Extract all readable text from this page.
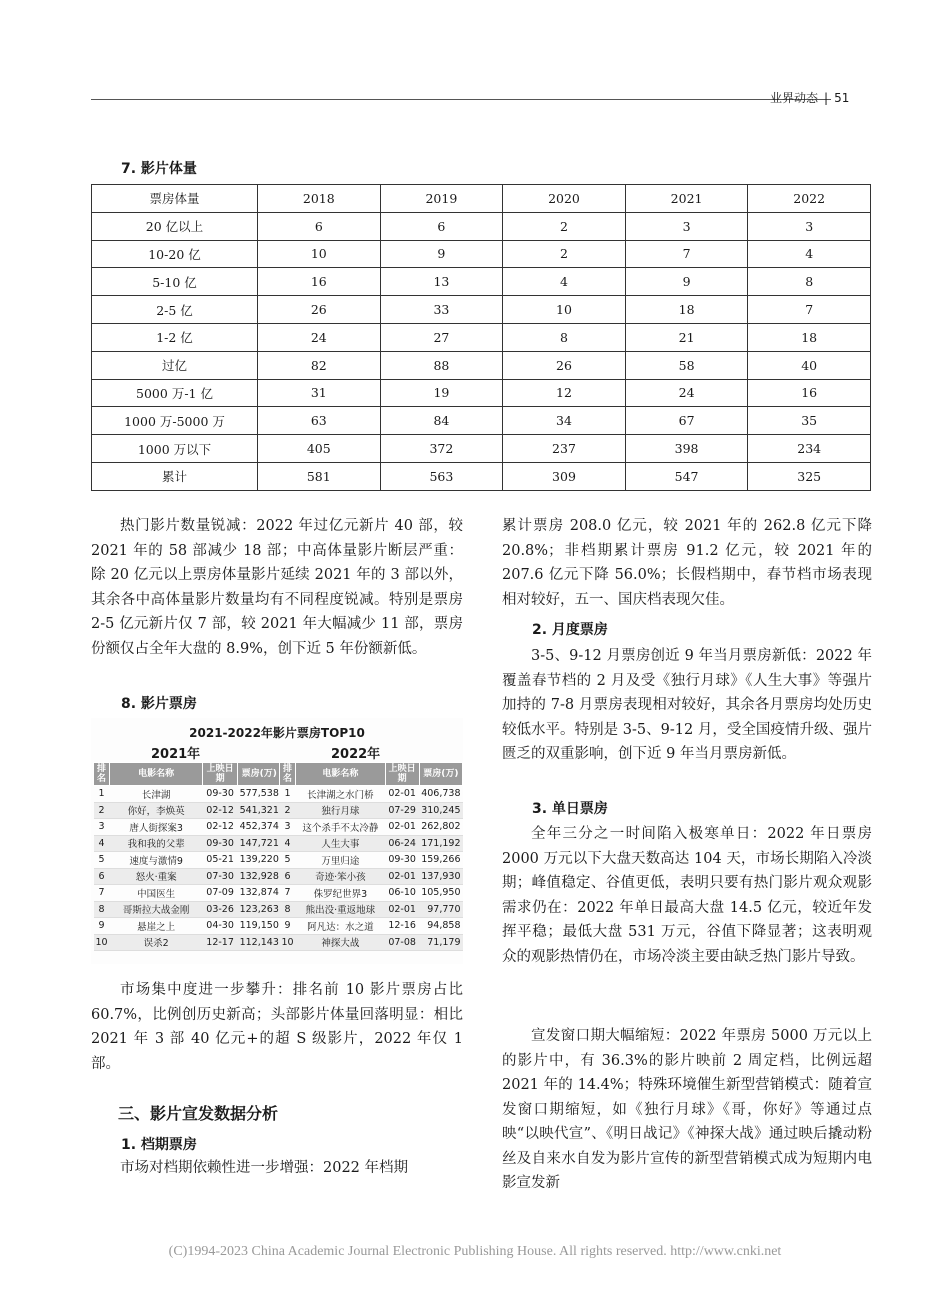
业界动态 | 51
7. 影片体量
票房体量	2018	2019	2020	2021	2022
20 亿以上	6	6	2	3	3
10-20 亿	10	9	2	7	4
5-10 亿	16	13	4	9	8
2-5 亿	26	33	10	18	7
1-2 亿	24	27	8	21	18
过亿	82	88	26	58	40
5000 万-1 亿	31	19	12	24	16
1000 万-5000 万	63	84	34	67	35
1000 万以下	405	372	237	398	234
累计	581	563	309	547	325
热门影片数量锐减：2022 年过亿元新片 40 部，较 2021 年的 58 部减少 18 部；中高体量影片断层严重：除 20 亿元以上票房体量影片延续 2021 年的 3 部以外，其余各中高体量影片数量均有不同程度锐减。特别是票房 2-5 亿元新片仅 7 部，较 2021 年大幅减少 11 部，票房份额仅占全年大盘的 8.9%，创下近 5 年份额新低。
8. 影片票房
2021-2022年影片票房TOP10
2021年	2022年
排名	电影名称	上映日期	票房(万)
1	长津湖	09-30	577,538
2	你好，李焕英	02-12	541,321
3	唐人街探案3	02-12	452,374
4	我和我的父辈	09-30	147,721
5	速度与激情9	05-21	139,220
6	怒火·重案	07-30	132,928
7	中国医生	07-09	132,874
8	哥斯拉大战金刚	03-26	123,263
9	悬崖之上	04-30	119,150
10	误杀2	12-17	112,143
排名	电影名称	上映日期	票房(万)
1	长津湖之水门桥	02-01	406,738
2	独行月球	07-29	310,245
3	这个杀手不太冷静	02-01	262,802
4	人生大事	06-24	171,192
5	万里归途	09-30	159,266
6	奇迹·笨小孩	02-01	137,930
7	侏罗纪世界3	06-10	105,950
8	熊出没·重返地球	02-01	97,770
9	阿凡达：水之道	12-16	94,858
10	神探大战	07-08	71,179
市场集中度进一步攀升：排名前 10 影片票房占比 60.7%，比例创历史新高；头部影片体量回落明显：相比 2021 年 3 部 40 亿元+的超 S 级影片，2022 年仅 1 部。
三、影片宣发数据分析
1. 档期票房
市场对档期依赖性进一步增强：2022 年档期
累计票房 208.0 亿元，较 2021 年的 262.8 亿元下降 20.8%；非档期累计票房 91.2 亿元，较 2021 年的 207.6 亿元下降 56.0%；长假档期中，春节档市场表现相对较好，五一、国庆档表现欠佳。
2. 月度票房
3-5、9-12 月票房创近 9 年当月票房新低：2022 年覆盖春节档的 2 月及受《独行月球》《人生大事》等强片加持的 7-8 月票房表现相对较好，其余各月票房均处历史较低水平。特别是 3-5、9-12 月，受全国疫情升级、强片匮乏的双重影响，创下近 9 年当月票房新低。
3. 单日票房
全年三分之一时间陷入极寒单日：2022 年日票房 2000 万元以下大盘天数高达 104 天，市场长期陷入冷淡期；峰值稳定、谷值更低，表明只要有热门影片观众观影需求仍在：2022 年单日最高大盘 14.5 亿元，较近年发挥平稳；最低大盘 531 万元，谷值下降显著；这表明观众的观影热情仍在，市场冷淡主要由缺乏热门影片导致。
宣发窗口期大幅缩短：2022 年票房 5000 万元以上的影片中，有 36.3%的影片映前 2 周定档，比例远超 2021 年的 14.4%；特殊环境催生新型营销模式：随着宣发窗口期缩短，如《独行月球》《哥，你好》等通过点映“以映代宣”、《明日战记》《神探大战》通过映后撬动粉丝及自来水自发为影片宣传的新型营销模式成为短期内电影宣发新
(C)1994-2023 China Academic Journal Electronic Publishing House. All rights reserved. http://www.cnki.net
